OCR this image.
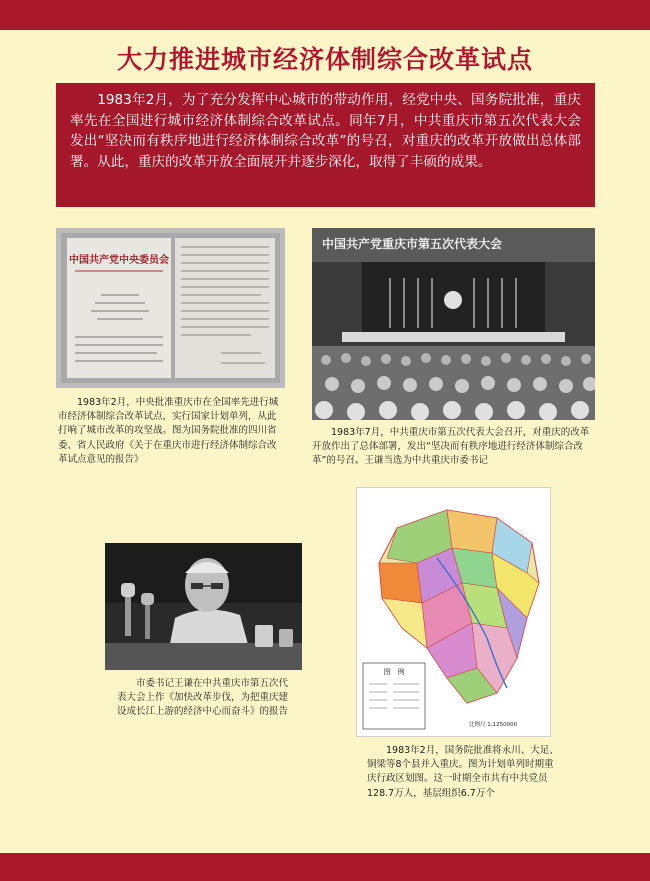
大力推进城市经济体制综合改革试点
1983年2月，为了充分发挥中心城市的带动作用，经党中央、国务院批准，重庆率先在全国进行城市经济体制综合改革试点。同年7月，中共重庆市第五次代表大会发出“坚决而有秩序地进行经济体制综合改革”的号召，对重庆的改革开放做出总体部署。从此，重庆的改革开放全面展开并逐步深化，取得了丰硕的成果。
中国共产党中央委员会
1983年2月，中央批准重庆市在全国率先进行城市经济体制综合改革试点，实行国家计划单列，从此打响了城市改革的攻坚战。图为国务院批准的四川省委、省人民政府《关于在重庆市进行经济体制综合改革试点意见的报告》
中国共产党重庆市第五次代表大会
1983年7月，中共重庆市第五次代表大会召开，对重庆的改革开放作出了总体部署，发出“坚决而有秩序地进行经济体制综合改革”的号召。王谦当选为中共重庆市委书记
市委书记王谦在中共重庆市第五次代表大会上作《加快改革步伐，为把重庆建设成长江上游的经济中心而奋斗》的报告
图　例
比例尺 1:1250000
1983年2月，国务院批准将永川、大足、铜梁等8个县并入重庆。图为计划单列时期重庆行政区划图。这一时期全市共有中共党员128.7万人，基层组织6.7万个
